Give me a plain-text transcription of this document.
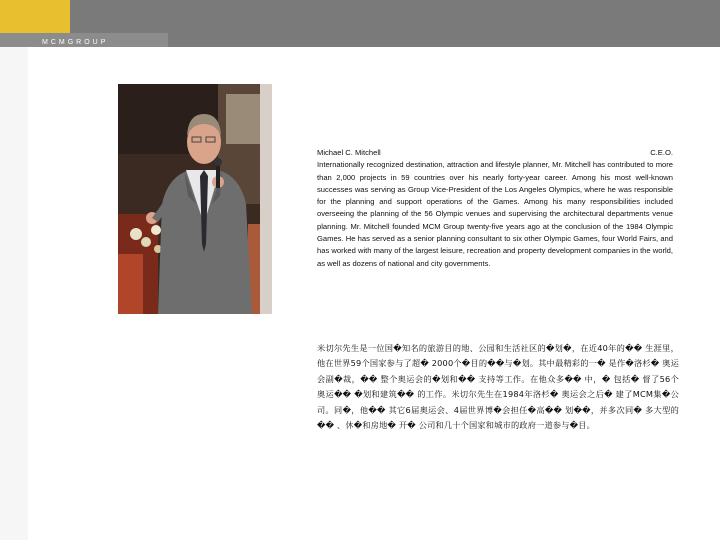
MCMGROUP
Michael C. Mitchell	C.E.O.

Internationally recognized destination, attraction and lifestyle planner, Mr. Mitchell has contributed to more than 2,000 projects in 59 countries over his nearly forty-year career. Among his most well-known successes was serving as Group Vice-President of the Los Angeles Olympics, where he was responsible for the planning and support operations of the Games. Among his many responsibilities included overseeing the planning of the 56 Olympic venues and supervising the architectural departments venue planning. Mr. Mitchell founded MCM Group twenty-five years ago at the conclusion of the 1984 Olympic Games. He has served as a senior planning consultant to six other Olympic Games, four World Fairs, and has worked with many of the largest leisure, recreation and property development companies in the world, as well as dozens of national and city governments.

米切尔先生是一位国�知名的旅游目的地、公园和生活社区的�划�，在近40年的�� 生涯里，他在世界59个国家参与了超� 2000个�目的��与�划。其中最精彩的一� 是作�洛杉� 奥运会副�裁，�� 整个奥运会的�划和�� 支持等工作。在他众多�� 中，� 包括� 督了56个奥运�� �划和建筑�� 的工作。米切尔先生在1984年洛杉� 奥运会之后� 建了MCM集�公司。同�，他�� 其它6届奥运会、4届世界博�会担任�高�� 划��，并多次同� 多大型的�� 、休�和房地� 开� 公司和几十个国家和城市的政府一道参与�目。
